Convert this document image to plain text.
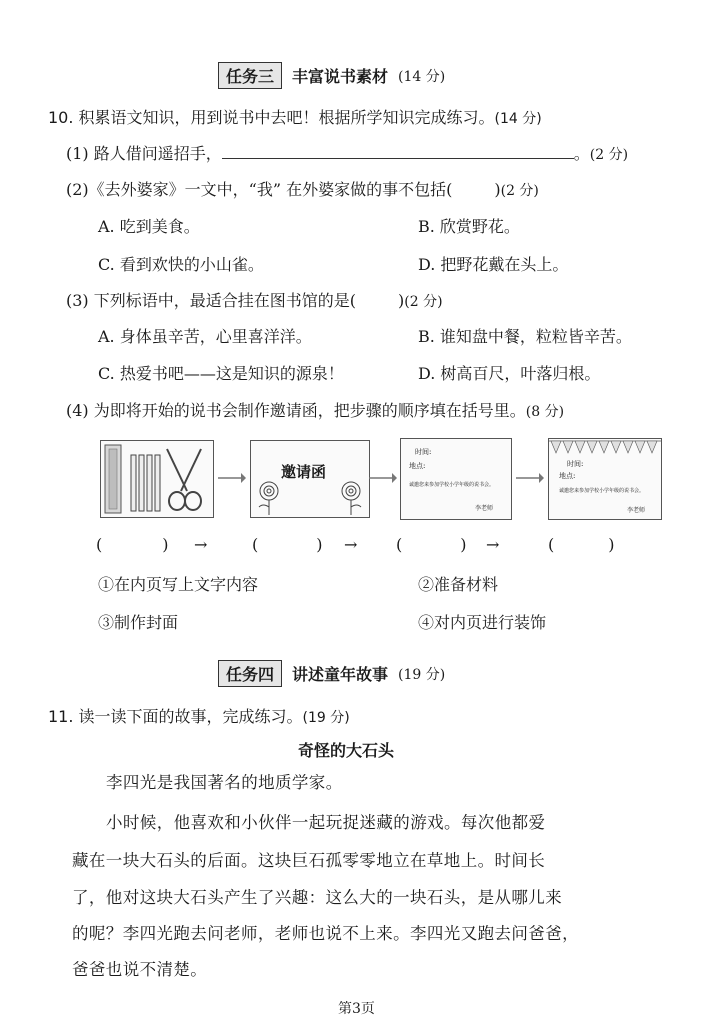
任务三	丰富说书素材 (14 分)
10. 积累语文知识，用到说书中去吧！根据所学知识完成练习。(14 分)
(1) 路人借问遥招手，	。(2 分)
(2)《去外婆家》一文中，“我” 在外婆家做的事不包括(	)(2 分)
A. 吃到美食。	B. 欣赏野花。
C. 看到欢快的小山雀。	D. 把野花戴在头上。
(3) 下列标语中，最适合挂在图书馆的是(	)(2 分)
A. 身体虽辛苦，心里喜洋洋。	B. 谁知盘中餐，粒粒皆辛苦。
C. 热爱书吧——这是知识的源泉！	D. 树高百尺，叶落归根。
(4) 为即将开始的说书会制作邀请函，把步骤的顺序填在括号里。(8 分)
邀请函
时间:
地点:
诚邀您来参加学校小学年级的说书会。
李老师
时间:
地点:
诚邀您来参加学校小学年级的说书会。
李老师
(	) →	(	) → (	) →	(	)
①在内页写上文字内容	②准备材料
③制作封面	④对内页进行装饰
任务四	讲述童年故事 (19 分)
11. 读一读下面的故事，完成练习。(19 分)
奇怪的大石头
李四光是我国著名的地质学家。
小时候，他喜欢和小伙伴一起玩捉迷藏的游戏。每次他都爱
藏在一块大石头的后面。这块巨石孤零零地立在草地上。时间长
了，他对这块大石头产生了兴趣：这么大的一块石头，是从哪儿来
的呢？李四光跑去问老师，老师也说不上来。李四光又跑去问爸爸，
爸爸也说不清楚。
第3页
